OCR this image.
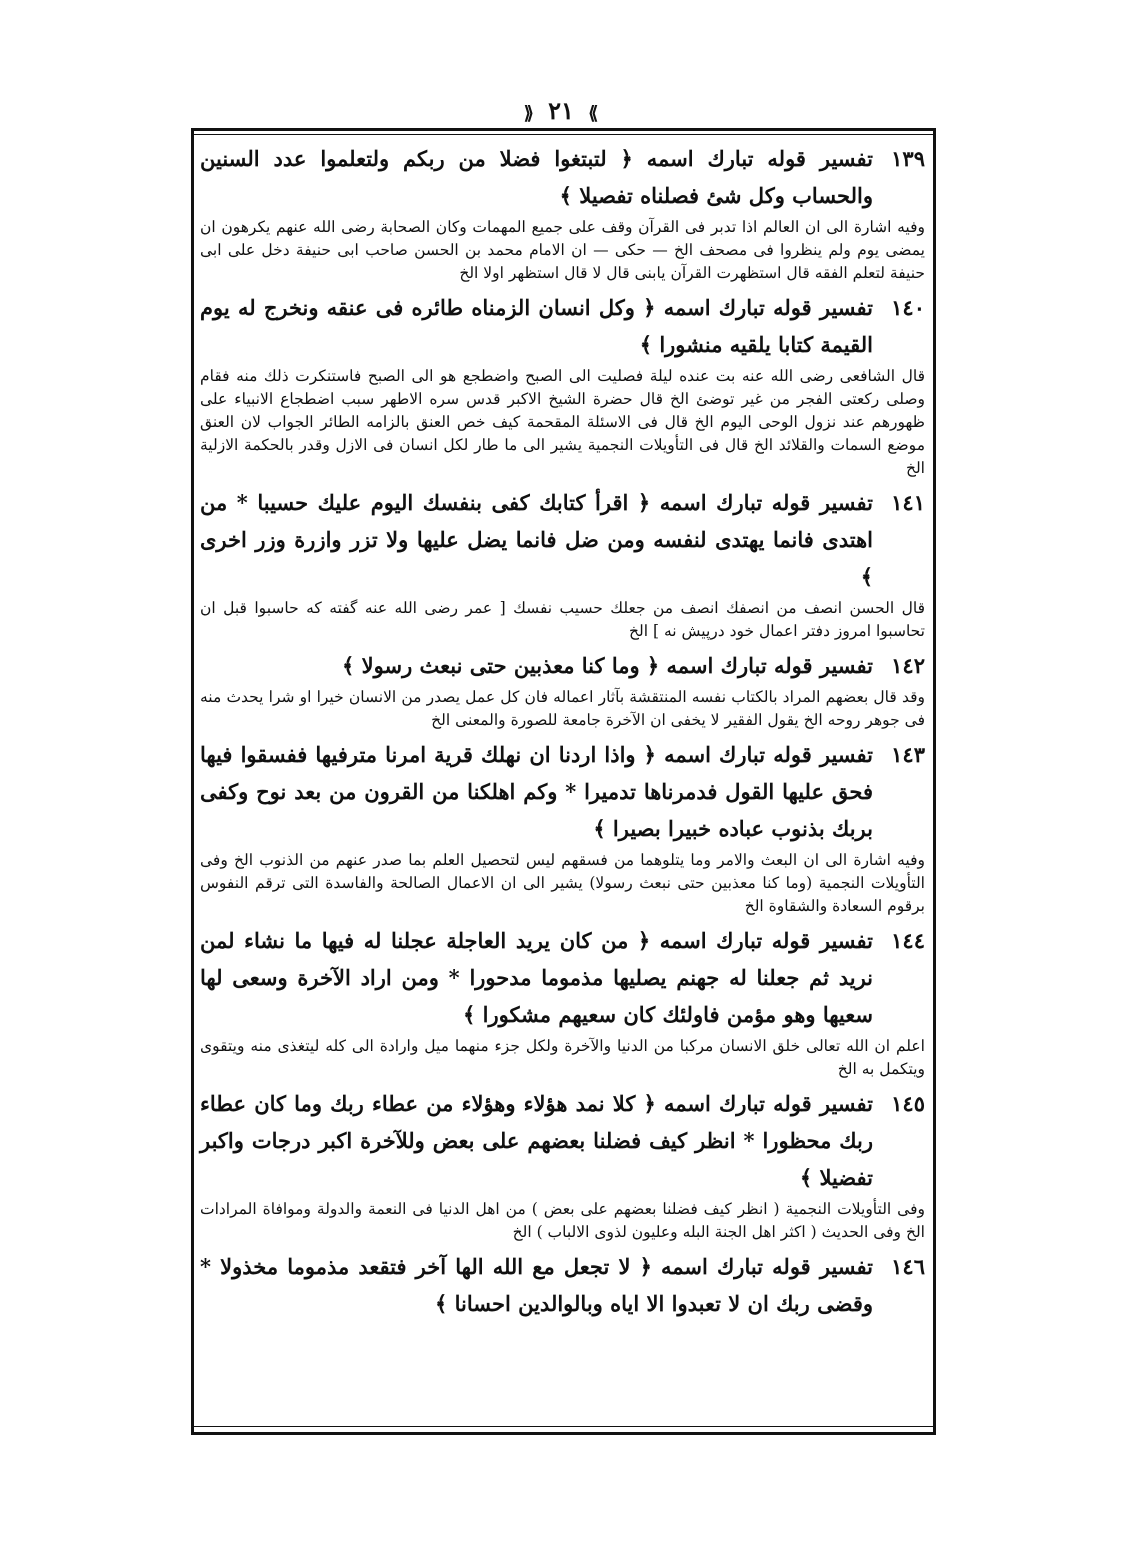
⟫ ٢١ ⟪
١٣٩
تفسير قوله تبارك اسمه ﴿ لتبتغوا فضلا من ربكم ولتعلموا عدد السنين والحساب وكل شئ فصلناه تفصيلا ﴾

وفيه اشارة الى ان العالم اذا تدبر فى القرآن وقف على جميع المهمات وكان الصحابة رضى الله عنهم يكرهون ان يمضى يوم ولم ينظروا فى مصحف الخ — حكى — ان الامام محمد بن الحسن صاحب ابى حنيفة دخل على ابى حنيفة لتعلم الفقه قال استظهرت القرآن يابنى قال لا قال استظهر اولا الخ

١٤٠
تفسير قوله تبارك اسمه ﴿ وكل انسان الزمناه طائره فى عنقه ونخرج له يوم القيمة كتابا يلقيه منشورا ﴾

قال الشافعى رضى الله عنه بت عنده ليلة فصليت الى الصبح واضطجع هو الى الصبح فاستنكرت ذلك منه فقام وصلى ركعتى الفجر من غير توضئ الخ قال حضرة الشيخ الاكبر قدس سره الاطهر سبب اضطجاع الانبياء على ظهورهم عند نزول الوحى اليوم الخ قال فى الاسئلة المقحمة كيف خص العنق بالزامه الطائر الجواب لان العنق موضع السمات والقلائد الخ قال فى التأويلات النجمية يشير الى ما طار لكل انسان فى الازل وقدر بالحكمة الازلية الخ

١٤١
تفسير قوله تبارك اسمه ﴿ اقرأ كتابك كفى بنفسك اليوم عليك حسيبا * من اهتدى فانما يهتدى لنفسه ومن ضل فانما يضل عليها ولا تزر وازرة وزر اخرى ﴾

قال الحسن انصف من انصفك انصف من جعلك حسيب نفسك [ عمر رضى الله عنه گفته كه حاسبوا قبل ان تحاسبوا امروز دفتر اعمال خود درپيش نه ] الخ

١٤٢
تفسير قوله تبارك اسمه ﴿ وما كنا معذبين حتى نبعث رسولا ﴾

وقد قال بعضهم المراد بالكتاب نفسه المنتقشة بآثار اعماله فان كل عمل يصدر من الانسان خيرا او شرا يحدث منه فى جوهر روحه الخ يقول الفقير لا يخفى ان الآخرة جامعة للصورة والمعنى الخ

١٤٣
تفسير قوله تبارك اسمه ﴿ واذا اردنا ان نهلك قرية امرنا مترفيها ففسقوا فيها فحق عليها القول فدمرناها تدميرا * وكم اهلكنا من القرون من بعد نوح وكفى بربك بذنوب عباده خبيرا بصيرا ﴾

وفيه اشارة الى ان البعث والامر وما يتلوهما من فسقهم ليس لتحصيل العلم بما صدر عنهم من الذنوب الخ وفى التأويلات النجمية (وما كنا معذبين حتى نبعث رسولا) يشير الى ان الاعمال الصالحة والفاسدة التى ترقم النفوس برقوم السعادة والشقاوة الخ

١٤٤
تفسير قوله تبارك اسمه ﴿ من كان يريد العاجلة عجلنا له فيها ما نشاء لمن نريد ثم جعلنا له جهنم يصليها مذموما مدحورا * ومن اراد الآخرة وسعى لها سعيها وهو مؤمن فاولئك كان سعيهم مشكورا ﴾

اعلم ان الله تعالى خلق الانسان مركبا من الدنيا والآخرة ولكل جزء منهما ميل وارادة الى كله ليتغذى منه ويتقوى ويتكمل به الخ

١٤٥
تفسير قوله تبارك اسمه ﴿ كلا نمد هؤلاء وهؤلاء من عطاء ربك وما كان عطاء ربك محظورا * انظر كيف فضلنا بعضهم على بعض وللآخرة اكبر درجات واكبر تفضيلا ﴾

وفى التأويلات النجمية ( انظر كيف فضلنا بعضهم على بعض ) من اهل الدنيا فى النعمة والدولة وموافاة المرادات الخ وفى الحديث ( اكثر اهل الجنة البله وعليون لذوى الالباب ) الخ

١٤٦
تفسير قوله تبارك اسمه ﴿ لا تجعل مع الله الها آخر فتقعد مذموما مخذولا * وقضى ربك ان لا تعبدوا الا اياه وبالوالدين احسانا ﴾
